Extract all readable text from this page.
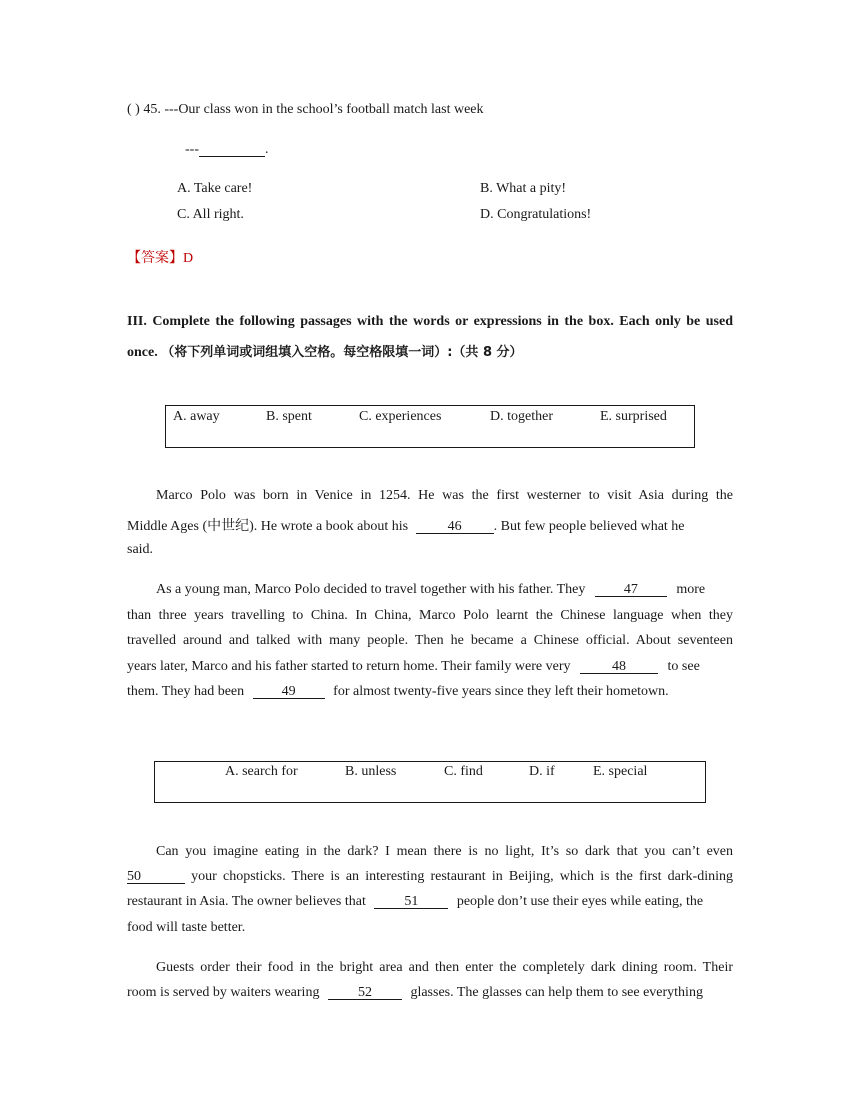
( ) 45. ---Our class won in the school’s football match last week
---	.
A. Take care!	B. What a pity!
C. All right.	D. Congratulations!
【答案】D
III. Complete the following passages with the words or expressions in the box. Each only be used
once. （将下列单词或词组填入空格。每空格限填一词）:（共 8 分）
A. away	B. spent	C. experiences	D. together	E. surprised
Marco Polo was born in Venice in 1254. He was the first westerner to visit Asia during the
Middle Ages (中世纪). He wrote a book about his	46 . But few people believed what he
said.
As a young man, Marco Polo decided to travel together with his father. They	47	more
than three years travelling to China. In China, Marco Polo learnt the Chinese language when they
travelled around and talked with many people. Then he became a Chinese official. About seventeen
years later, Marco and his father started to return home. Their family were very	48	to see
them. They had been	49	for almost twenty-five years since they left their hometown.
A. search for	B. unless	C. find	D. if	E. special
Can you imagine eating in the dark? I mean there is no light, It’s so dark that you can’t even
50	your chopsticks. There is an interesting restaurant in Beijing, which is the first dark-dining
restaurant in Asia. The owner believes that	51	people don’t use their eyes while eating, the
food will taste better.
Guests order their food in the bright area and then enter the completely dark dining room. Their
room is served by waiters wearing	52	glasses. The glasses can help them to see everything
